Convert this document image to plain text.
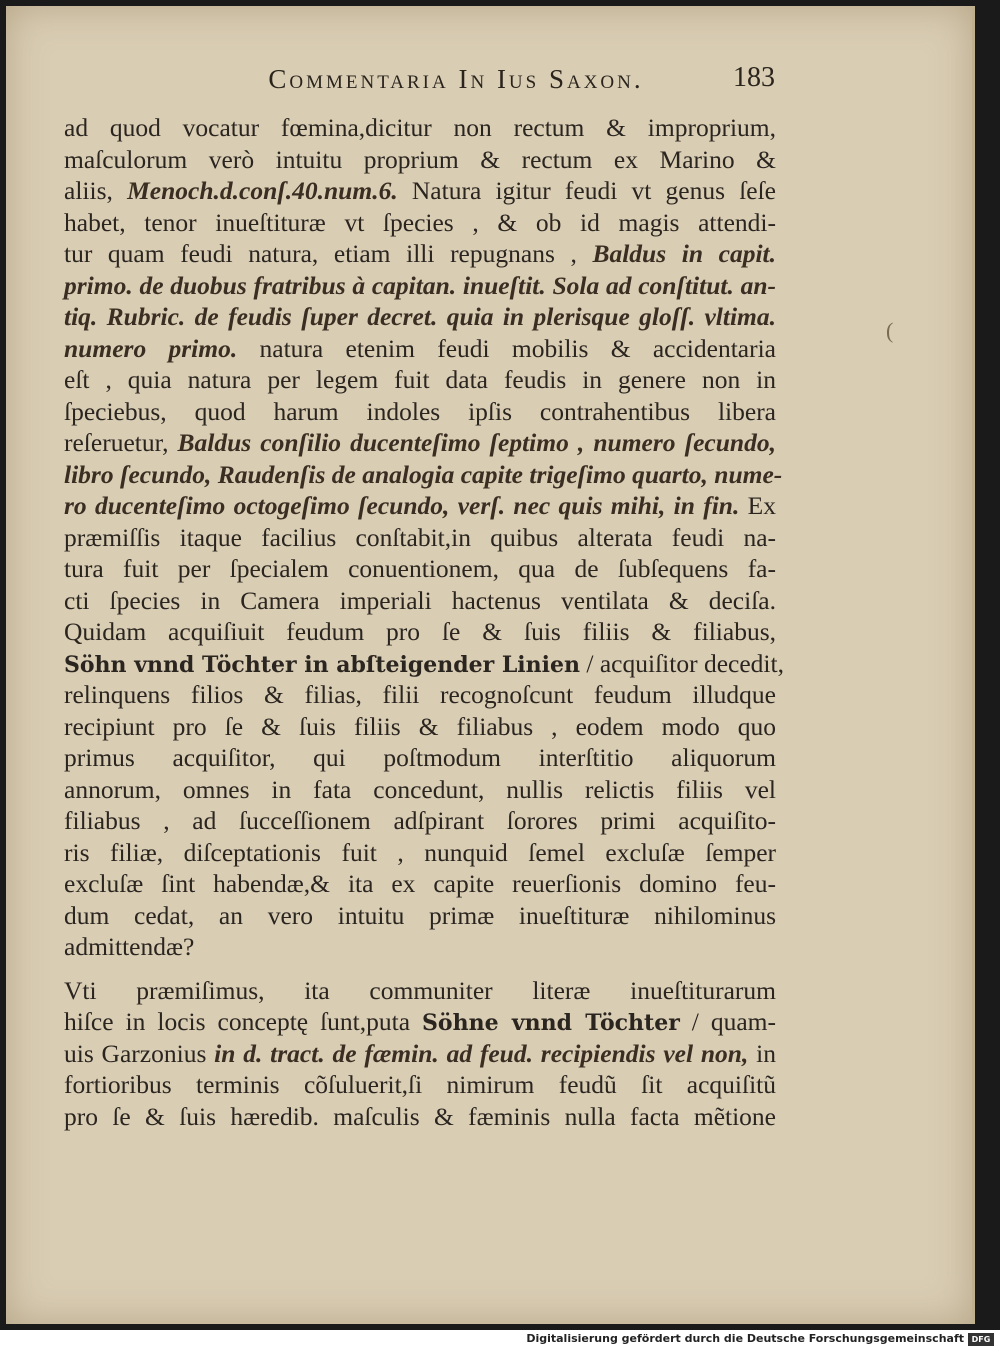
Commentaria In Ius Saxon.	183
(
ad quod vocatur fœmina,dicitur non rectum & improprium,
maſculorum verò intuitu proprium & rectum ex Marino &
aliis, Menoch.d.conſ.40.num.6. Natura igitur feudi vt genus ſeſe
habet, tenor inueſtituræ vt ſpecies , & ob id magis attendi-
tur quam feudi natura, etiam illi repugnans , Baldus in capit.
primo. de duobus fratribus à capitan. inueſtit. Sola ad conſtitut. an-
tiq. Rubric. de feudis ſuper decret. quia in plerisque gloſſ. vltima.
numero primo. natura etenim feudi mobilis & accidentaria
eſt , quia natura per legem fuit data feudis in genere non in
ſpeciebus, quod harum indoles ipſis contrahentibus libera
reſeruetur, Baldus conſilio ducenteſimo ſeptimo , numero ſecundo,
libro ſecundo, Raudenſis de analogia capite trigeſimo quarto, nume-
ro ducenteſimo octogeſimo ſecundo, verſ. nec quis mihi, in fin. Ex
præmiſſis itaque facilius conſtabit,in quibus alterata feudi na-
tura fuit per ſpecialem conuentionem, qua de ſubſequens fa-
cti ſpecies in Camera imperiali hactenus ventilata & deciſa.
Quidam acquiſiuit feudum pro ſe & ſuis filiis & filiabus,
Söhn vnnd Töchter in abſteigender Linien / acquiſitor decedit,
relinquens filios & filias, filii recognoſcunt feudum illudque
recipiunt pro ſe & ſuis filiis & filiabus , eodem modo quo
primus acquiſitor, qui poſtmodum interſtitio aliquorum
annorum, omnes in fata concedunt, nullis relictis filiis vel
filiabus , ad ſucceſſionem adſpirant ſorores primi acquiſito-
ris filiæ, diſceptationis fuit , nunquid ſemel excluſæ ſemper
excluſæ ſint habendæ,& ita ex capite reuerſionis domino feu-
dum cedat, an vero intuitu primæ inueſtituræ nihilominus
admittendæ?
Vti præmiſimus, ita communiter literæ inueſtiturarum
hiſce in locis conceptę ſunt,puta Söhne vnnd Töchter / quam-
uis Garzonius in d. tract. de fæmin. ad feud. recipiendis vel non, in
fortioribus terminis cõſuluerit,ſi nimirum feudũ ſit acquiſitũ
pro ſe & ſuis hæredib. maſculis & fæminis nulla facta mẽtione
Digitalisierung gefördert durch die Deutsche Forschungsgemeinschaft DFG
